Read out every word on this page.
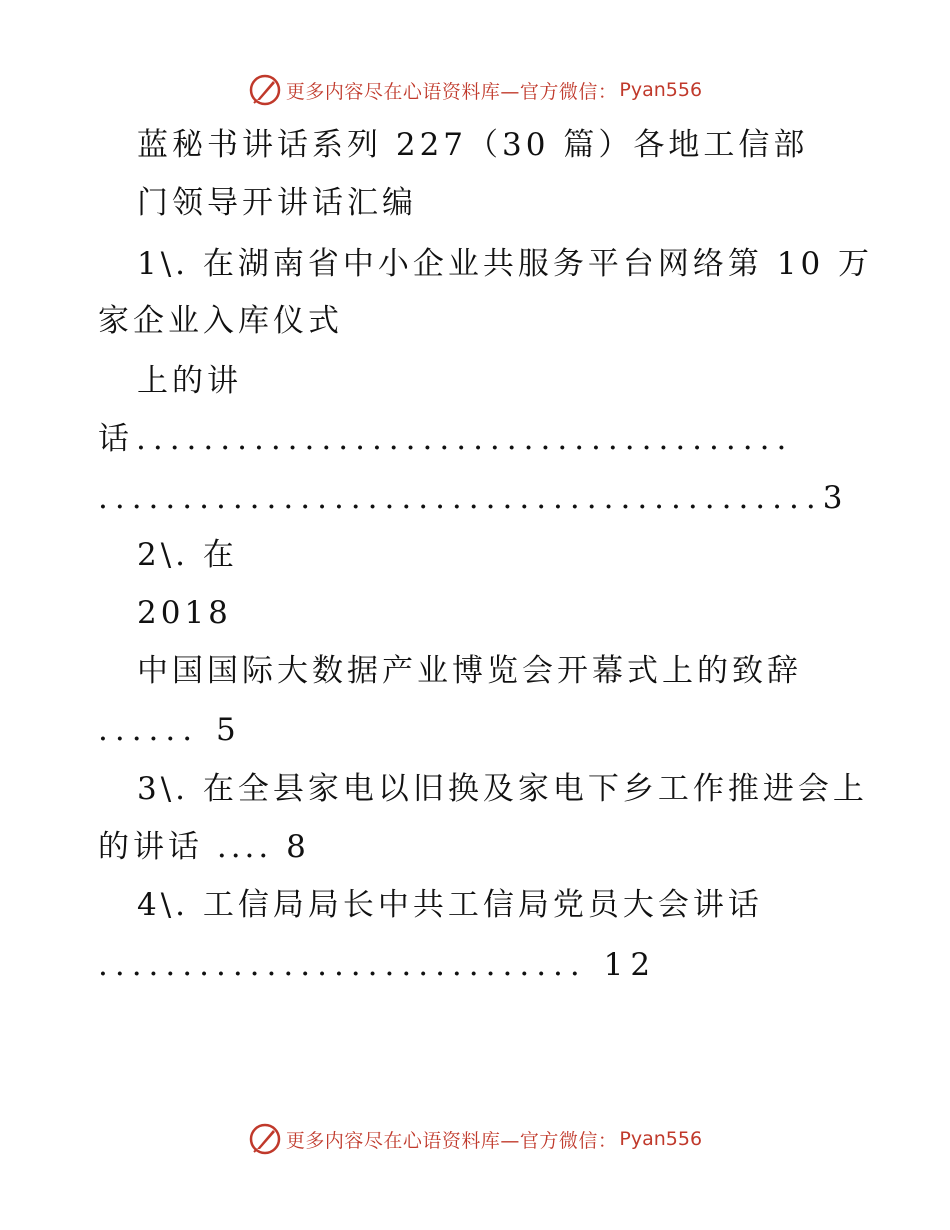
更多内容尽在心语资料库—官方微信： Pyan556
蓝秘书讲话系列 227（30 篇）各地工信部
门领导开讲话汇编
1\. 在湖南省中小企业共服务平台网络第 10 万
家企业入库仪式
上的讲
话.......................................
...........................................3
2\. 在
2018
中国国际大数据产业博览会开幕式上的致辞
...... 5
3\. 在全县家电以旧换及家电下乡工作推进会上
的讲话 .... 8
4\. 工信局局长中共工信局党员大会讲话
............................. 12
更多内容尽在心语资料库—官方微信： Pyan556
